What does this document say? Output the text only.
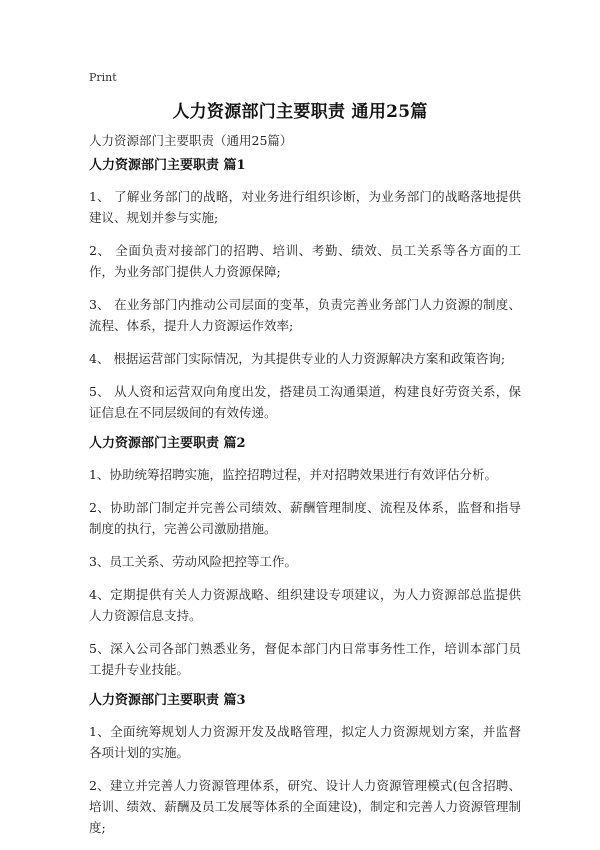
Print
人力资源部门主要职责 通用25篇
人力资源部门主要职责（通用25篇）
人力资源部门主要职责 篇1

1、 了解业务部门的战略，对业务进行组织诊断，为业务部门的战略落地提供建议、规划并参与实施;

2、 全面负责对接部门的招聘、培训、考勤、绩效、员工关系等各方面的工作，为业务部门提供人力资源保障;

3、 在业务部门内推动公司层面的变革，负责完善业务部门人力资源的制度、流程、体系，提升人力资源运作效率;

4、 根据运营部门实际情况，为其提供专业的人力资源解决方案和政策咨询;

5、 从人资和运营双向角度出发，搭建员工沟通渠道，构建良好劳资关系，保证信息在不同层级间的有效传递。

人力资源部门主要职责 篇2

1、协助统筹招聘实施，监控招聘过程，并对招聘效果进行有效评估分析。

2、协助部门制定并完善公司绩效、薪酬管理制度、流程及体系，监督和指导制度的执行，完善公司激励措施。

3、员工关系、劳动风险把控等工作。

4、定期提供有关人力资源战略、组织建设专项建议，为人力资源部总监提供人力资源信息支持。

5、深入公司各部门熟悉业务，督促本部门内日常事务性工作，培训本部门员工提升专业技能。

人力资源部门主要职责 篇3

1、全面统筹规划人力资源开发及战略管理，拟定人力资源规划方案，并监督各项计划的实施。

2、建立并完善人力资源管理体系，研究、设计人力资源管理模式(包含招聘、培训、绩效、薪酬及员工发展等体系的全面建设)，制定和完善人力资源管理制度;
